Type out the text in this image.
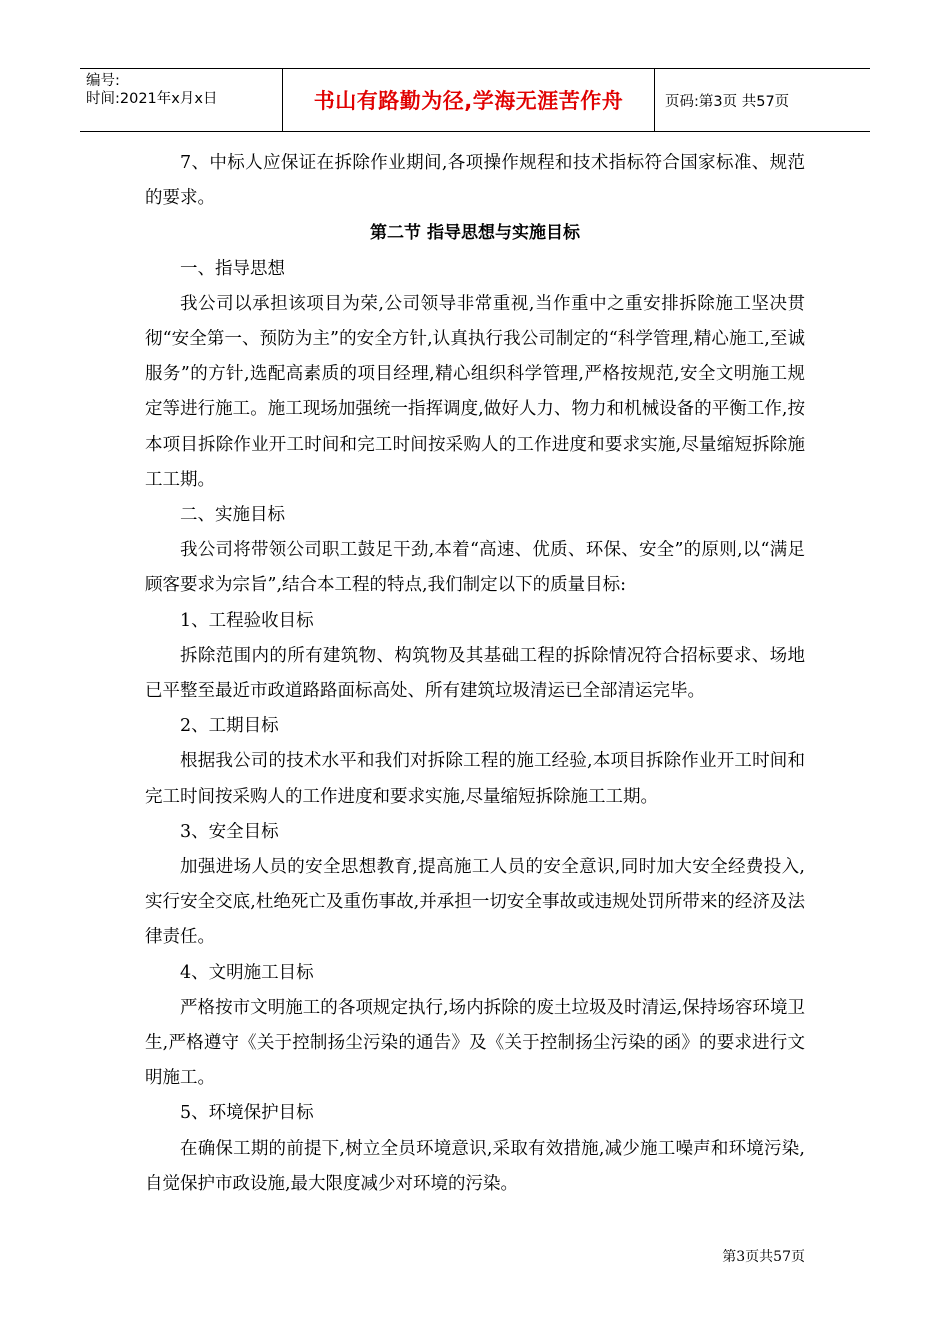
编号:
时间:2021年x月x日	书山有路勤为径,学海无涯苦作舟	页码:第3页 共57页

7、中标人应保证在拆除作业期间,各项操作规程和技术指标符合国家标准、规范的要求。

第二节 指导思想与实施目标

一、指导思想

我公司以承担该项目为荣,公司领导非常重视,当作重中之重安排拆除施工坚决贯彻“安全第一、预防为主”的安全方针,认真执行我公司制定的“科学管理,精心施工,至诚服务”的方针,选配高素质的项目经理,精心组织科学管理,严格按规范,安全文明施工规定等进行施工。施工现场加强统一指挥调度,做好人力、物力和机械设备的平衡工作,按本项目拆除作业开工时间和完工时间按采购人的工作进度和要求实施,尽量缩短拆除施工工期。

二、实施目标

我公司将带领公司职工鼓足干劲,本着“高速、优质、环保、安全”的原则,以“满足顾客要求为宗旨”,结合本工程的特点,我们制定以下的质量目标:

1、工程验收目标

拆除范围内的所有建筑物、构筑物及其基础工程的拆除情况符合招标要求、场地已平整至最近市政道路路面标高处、所有建筑垃圾清运已全部清运完毕。

2、工期目标

根据我公司的技术水平和我们对拆除工程的施工经验,本项目拆除作业开工时间和完工时间按采购人的工作进度和要求实施,尽量缩短拆除施工工期。

3、安全目标

加强进场人员的安全思想教育,提高施工人员的安全意识,同时加大安全经费投入,实行安全交底,杜绝死亡及重伤事故,并承担一切安全事故或违规处罚所带来的经济及法律责任。

4、文明施工目标

严格按市文明施工的各项规定执行,场内拆除的废土垃圾及时清运,保持场容环境卫生,严格遵守《关于控制扬尘污染的通告》及《关于控制扬尘污染的函》的要求进行文明施工。

5、环境保护目标

在确保工期的前提下,树立全员环境意识,采取有效措施,减少施工噪声和环境污染,自觉保护市政设施,最大限度减少对环境的污染。

第3页共57页
